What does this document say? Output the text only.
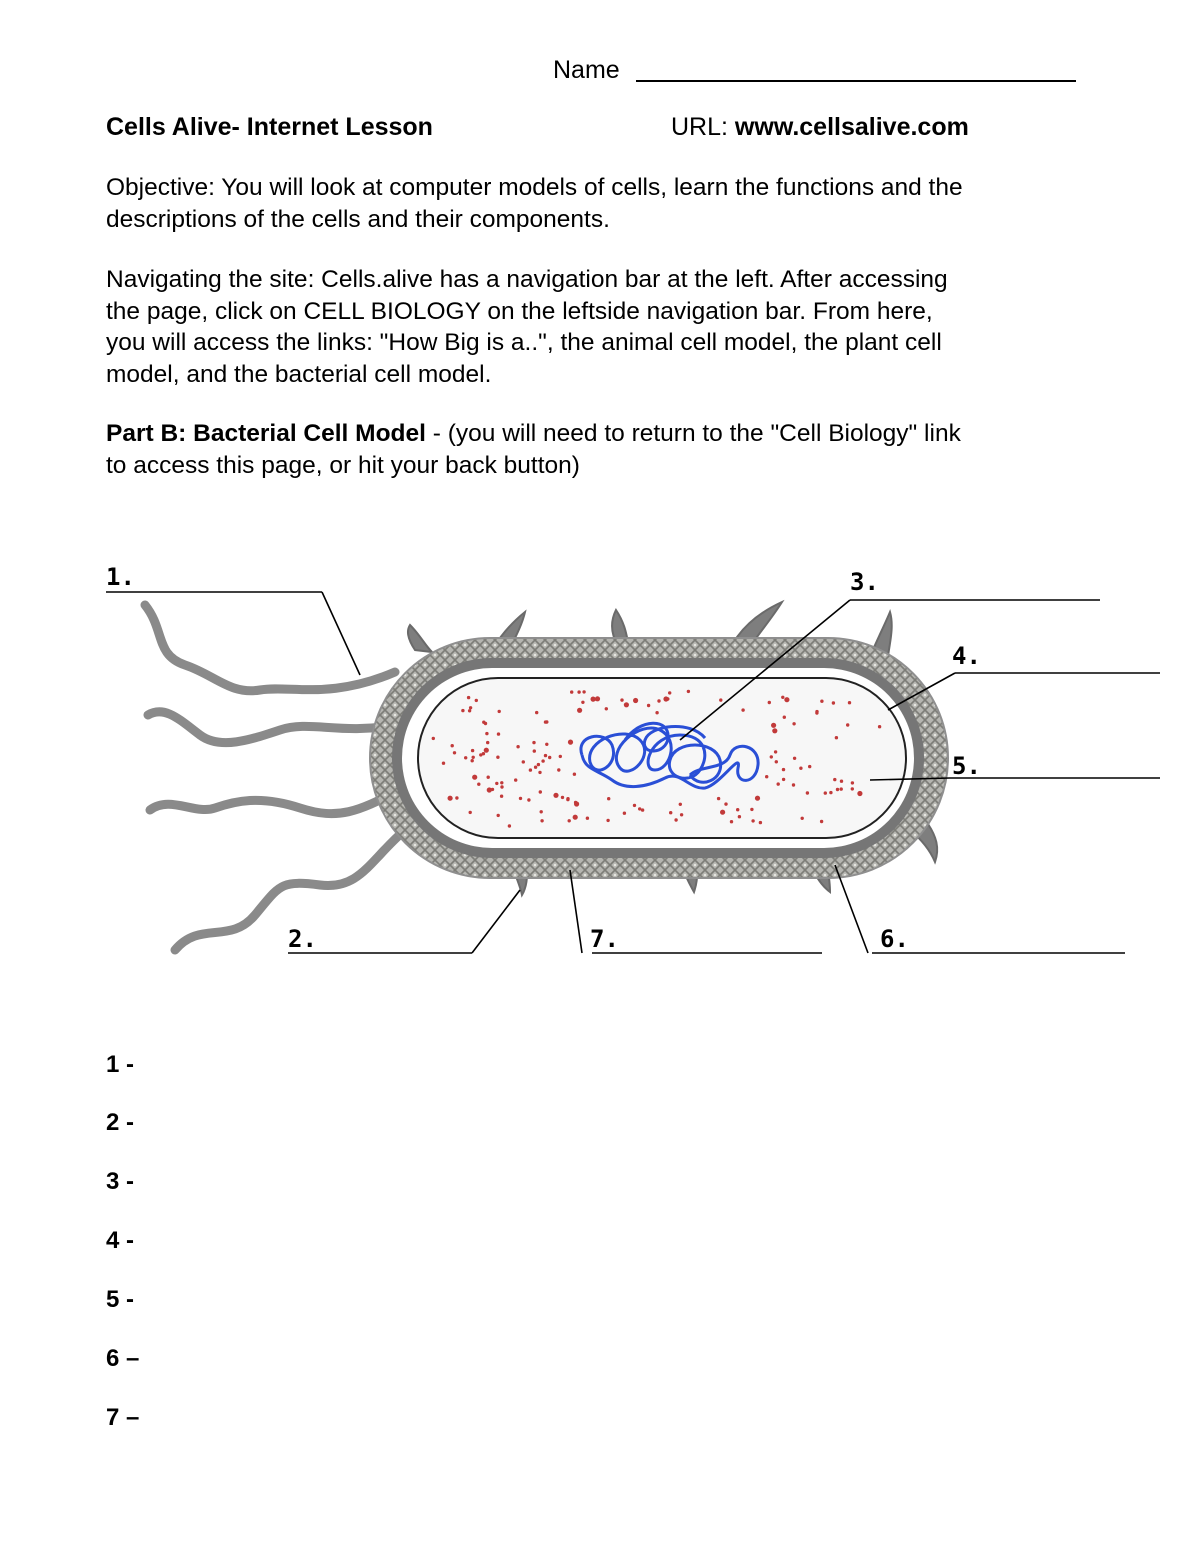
Name
Cells Alive- Internet Lesson	URL: www.cellsalive.com
Objective: You will look at computer models of cells, learn the functions and the
descriptions of the cells and their components.
Navigating the site: Cells.alive has a navigation bar at the left. After accessing
the page, click on CELL BIOLOGY on the leftside navigation bar. From here,
you will access the links: "How Big is a..", the animal cell model, the plant cell
model, and the bacterial cell model.
Part B: Bacterial Cell Model - (you will need to return to the "Cell Biology" link
to access this page, or hit your back button)
1.
2.
3.
4.
5.
6.
7.
1 -
2 -
3 -
4 -
5 -
6 –
7 –
